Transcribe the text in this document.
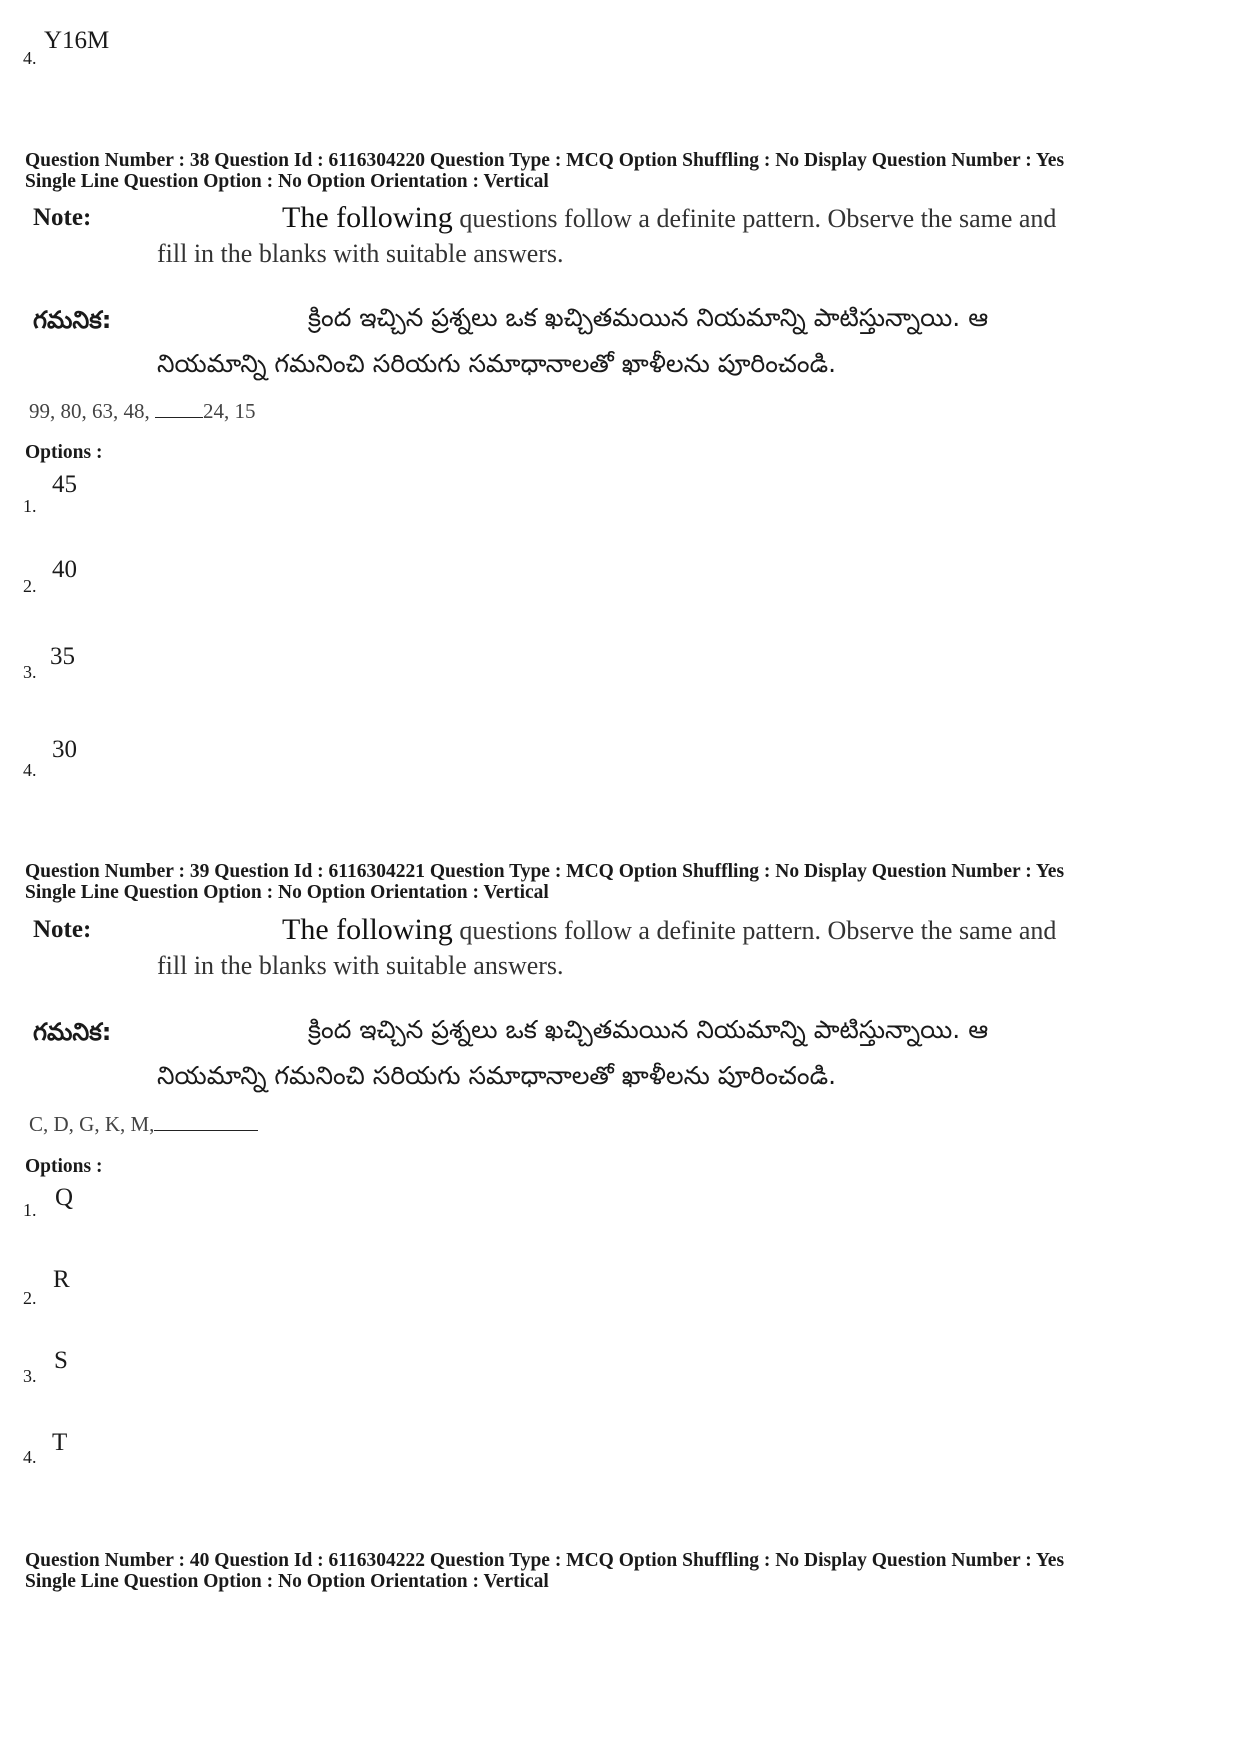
4.
Y16M
Question Number : 38 Question Id : 6116304220 Question Type : MCQ Option Shuffling : No Display Question Number : Yes
Single Line Question Option : No Option Orientation : Vertical
Note:	The following questions follow a definite pattern. Observe the same and
fill in the blanks with suitable answers.
గమనిక:	క్రింద ఇచ్చిన ప్రశ్నలు ఒక ఖచ్చితమయిన నియమాన్ని పాటిస్తున్నాయి. ఆ
నియమాన్ని గమనించి సరియగు సమాధానాలతో ఖాళీలను పూరించండి.
99, 80, 63, 48, 24, 15
Options :
1.
45
2.
40
3.
35
4.
30
Question Number : 39 Question Id : 6116304221 Question Type : MCQ Option Shuffling : No Display Question Number : Yes
Single Line Question Option : No Option Orientation : Vertical
Note:	The following questions follow a definite pattern. Observe the same and
fill in the blanks with suitable answers.
గమనిక:	క్రింద ఇచ్చిన ప్రశ్నలు ఒక ఖచ్చితమయిన నియమాన్ని పాటిస్తున్నాయి. ఆ
నియమాన్ని గమనించి సరియగు సమాధానాలతో ఖాళీలను పూరించండి.
C, D, G, K, M,
Options :
1. Q
2.
R
3.
S
4.
T
Question Number : 40 Question Id : 6116304222 Question Type : MCQ Option Shuffling : No Display Question Number : Yes
Single Line Question Option : No Option Orientation : Vertical
